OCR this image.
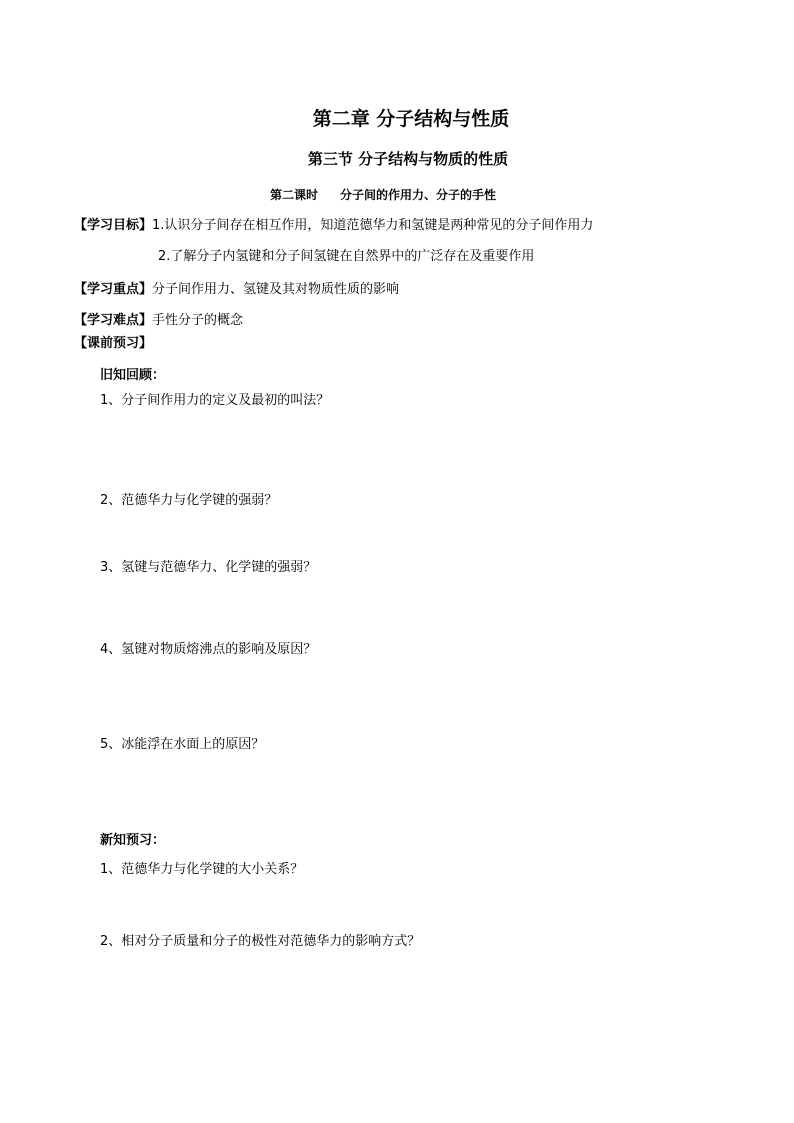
第二章 分子结构与性质
第三节 分子结构与物质的性质
第二课时 分子间的作用力、分子的手性
【学习目标】1.认识分子间存在相互作用，知道范德华力和氢键是两种常见的分子间作用力
2.了解分子内氢键和分子间氢键在自然界中的广泛存在及重要作用
【学习重点】分子间作用力、氢键及其对物质性质的影响
【学习难点】手性分子的概念
【课前预习】
旧知回顾：
1、分子间作用力的定义及最初的叫法？
2、范德华力与化学键的强弱？
3、氢键与范德华力、化学键的强弱？
4、氢键对物质熔沸点的影响及原因？
5、冰能浮在水面上的原因？
新知预习：
1、范德华力与化学键的大小关系？
2、相对分子质量和分子的极性对范德华力的影响方式？
